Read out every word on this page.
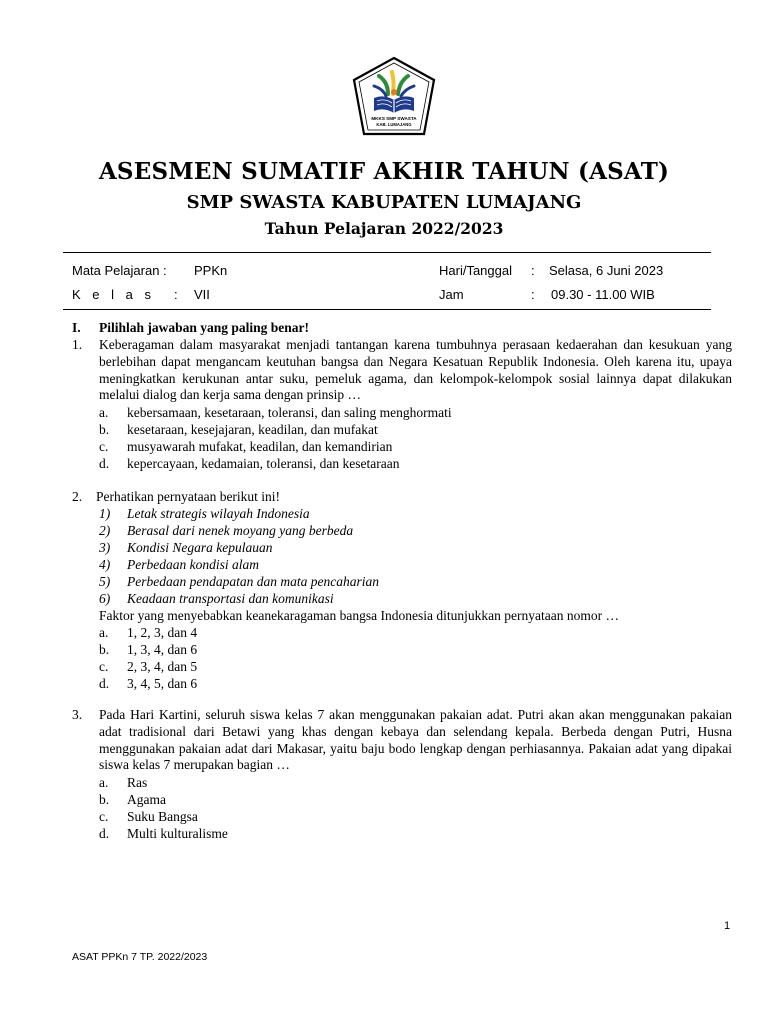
MKKS SMP SWASTA
KAB. LUMAJANG
ASESMEN SUMATIF AKHIR TAHUN (ASAT)
SMP SWASTA KABUPATEN LUMAJANG
Tahun Pelajaran 2022/2023
Mata Pelajaran : PPKn
K e l a s : VII
Hari/Tanggal : Selasa, 6 Juni 2023
Jam	: 09.30 - 11.00 WIB
I. Pilihlah jawaban yang paling benar!
1. Keberagaman dalam masyarakat menjadi tantangan karena tumbuhnya perasaan kedaerahan dan kesukuan yang berlebihan dapat mengancam keutuhan bangsa dan Negara Kesatuan Republik Indonesia. Oleh karena itu, upaya meningkatkan kerukunan antar suku, pemeluk agama, dan kelompok-kelompok sosial lainnya dapat dilakukan melalui dialog dan kerja sama dengan prinsip …
a. kebersamaan, kesetaraan, toleransi, dan saling menghormati
b. kesetaraan, kesejajaran, keadilan, dan mufakat
c. musyawarah mufakat, keadilan, dan kemandirian
d. kepercayaan, kedamaian, toleransi, dan kesetaraan
2. Perhatikan pernyataan berikut ini!
1) Letak strategis wilayah Indonesia
2) Berasal dari nenek moyang yang berbeda
3) Kondisi Negara kepulauan
4) Perbedaan kondisi alam
5) Perbedaan pendapatan dan mata pencaharian
6) Keadaan transportasi dan komunikasi
Faktor yang menyebabkan keanekaragaman bangsa Indonesia ditunjukkan pernyataan nomor …
a. 1, 2, 3, dan 4
b. 1, 3, 4, dan 6
c. 2, 3, 4, dan 5
d. 3, 4, 5, dan 6
3. Pada Hari Kartini, seluruh siswa kelas 7 akan menggunakan pakaian adat. Putri akan akan menggunakan pakaian adat tradisional dari Betawi yang khas dengan kebaya dan selendang kepala. Berbeda dengan Putri, Husna menggunakan pakaian adat dari Makasar, yaitu baju bodo lengkap dengan perhiasannya. Pakaian adat yang dipakai siswa kelas 7 merupakan bagian …
a. Ras
b. Agama
c. Suku Bangsa
d. Multi kulturalisme
1
ASAT PPKn 7 TP. 2022/2023
